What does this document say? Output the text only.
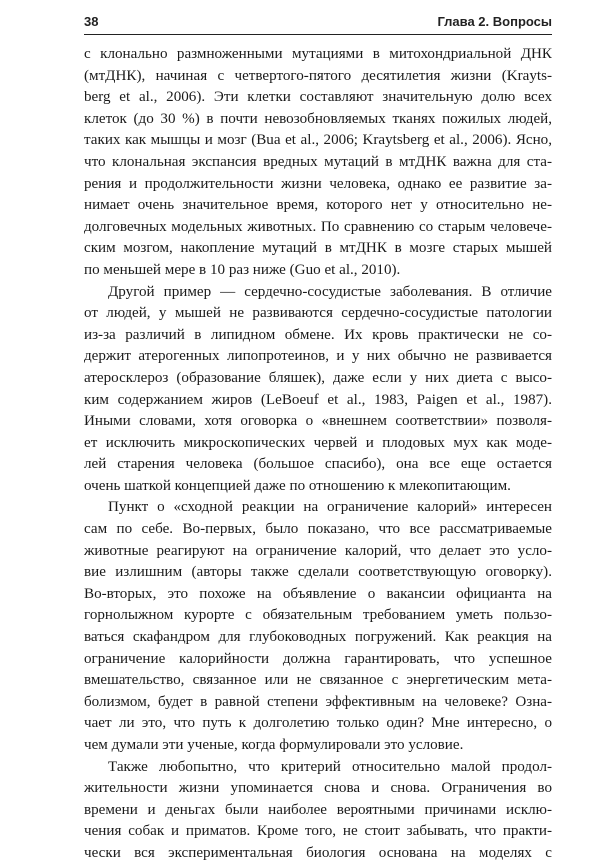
38	Глава 2. Вопросы
с клонально размноженными мутациями в митохондриальной ДНК
(мтДНК), начиная с четвертого-пятого десятилетия жизни (Krayts-
berg et al., 2006). Эти клетки составляют значительную долю всех
клеток (до 30 %) в почти невозобновляемых тканях пожилых людей,
таких как мышцы и мозг (Bua et al., 2006; Kraytsberg et al., 2006). Ясно,
что клональная экспансия вредных мутаций в мтДНК важна для ста-
рения и продолжительности жизни человека, однако ее развитие за-
нимает очень значительное время, которого нет у относительно не-
долговечных модельных животных. По сравнению со старым человече-
ским мозгом, накопление мутаций в мтДНК в мозге старых мышей
по меньшей мере в 10 раз ниже (Guo et al., 2010).
Другой пример — сердечно-сосудистые заболевания. В отличие
от людей, у мышей не развиваются сердечно-сосудистые патологии
из-за различий в липидном обмене. Их кровь практически не со-
держит атерогенных липопротеинов, и у них обычно не развивается
атеросклероз (образование бляшек), даже если у них диета с высо-
ким содержанием жиров (LeBoeuf et al., 1983, Paigen et al., 1987).
Иными словами, хотя оговорка о «внешнем соответствии» позволя-
ет исключить микроскопических червей и плодовых мух как моде-
лей старения человека (большое спасибо), она все еще остается
очень шаткой концепцией даже по отношению к млекопитающим.
Пункт о «сходной реакции на ограничение калорий» интересен
сам по себе. Во-первых, было показано, что все рассматриваемые
животные реагируют на ограничение калорий, что делает это усло-
вие излишним (авторы также сделали соответствующую оговорку).
Во-вторых, это похоже на объявление о вакансии официанта на
горнолыжном курорте с обязательным требованием уметь пользо-
ваться скафандром для глубоководных погружений. Как реакция на
ограничение калорийности должна гарантировать, что успешное
вмешательство, связанное или не связанное с энергетическим мета-
болизмом, будет в равной степени эффективным на человеке? Озна-
чает ли это, что путь к долголетию только один? Мне интересно, о
чем думали эти ученые, когда формулировали это условие.
Также любопытно, что критерий относительно малой продол-
жительности жизни упоминается снова и снова. Ограничения во
времени и деньгах были наиболее вероятными причинами исклю-
чения собак и приматов. Кроме того, не стоит забывать, что практи-
чески вся экспериментальная биология основана на моделях с
